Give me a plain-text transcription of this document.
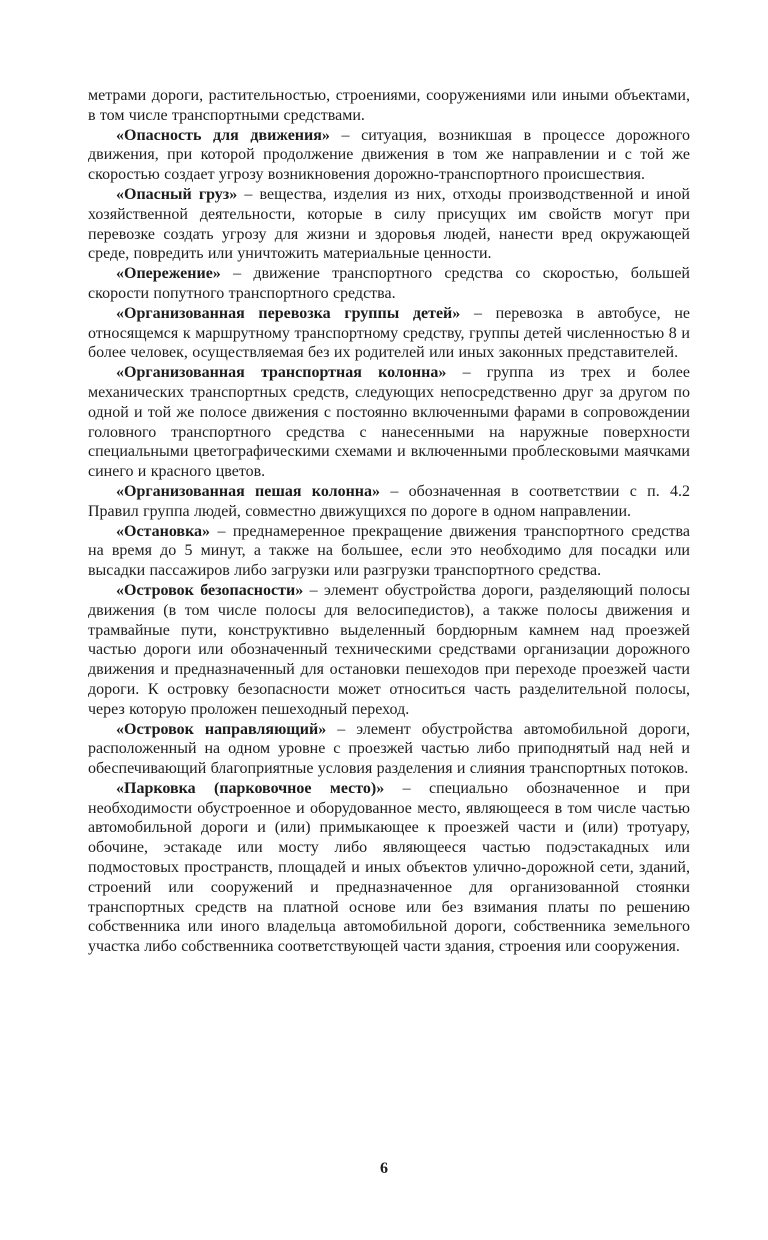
метрами дороги, растительностью, строениями, сооружениями или иными объектами, в том числе транспортными средствами.

«Опасность для движения» – ситуация, возникшая в процессе дорожного движения, при которой продолжение движения в том же направлении и с той же скоростью создает угрозу возникновения дорожно-транспортного происшествия.

«Опасный груз» – вещества, изделия из них, отходы производственной и иной хозяйственной деятельности, которые в силу присущих им свойств могут при перевозке создать угрозу для жизни и здоровья людей, нанести вред окружающей среде, повредить или уничтожить материальные ценности.

«Опережение» – движение транспортного средства со скоростью, большей скорости попутного транспортного средства.

«Организованная перевозка группы детей» – перевозка в автобусе, не относящемся к маршрутному транспортному средству, группы детей численностью 8 и более человек, осуществляемая без их родителей или иных законных представителей.

«Организованная транспортная колонна» – группа из трех и более механических транспортных средств, следующих непосредственно друг за другом по одной и той же полосе движения с постоянно включенными фарами в сопровождении головного транспортного средства с нанесенными на наружные поверхности специальными цветографическими схемами и включенными проблесковыми маячками синего и красного цветов.

«Организованная пешая колонна» – обозначенная в соответствии с п. 4.2 Правил группа людей, совместно движущихся по дороге в одном направлении.

«Остановка» – преднамеренное прекращение движения транспортного средства на время до 5 минут, а также на большее, если это необходимо для посадки или высадки пассажиров либо загрузки или разгрузки транспортного средства.

«Островок безопасности» – элемент обустройства дороги, разделяющий полосы движения (в том числе полосы для велосипедистов), а также полосы движения и трамвайные пути, конструктивно выделенный бордюрным камнем над проезжей частью дороги или обозначенный техническими средствами организации дорожного движения и предназначенный для остановки пешеходов при переходе проезжей части дороги. К островку безопасности может относиться часть разделительной полосы, через которую проложен пешеходный переход.

«Островок направляющий» – элемент обустройства автомобильной дороги, расположенный на одном уровне с проезжей частью либо приподнятый над ней и обеспечивающий благоприятные условия разделения и слияния транспортных потоков.

«Парковка (парковочное место)» – специально обозначенное и при необходимости обустроенное и оборудованное место, являющееся в том числе частью автомобильной дороги и (или) примыкающее к проезжей части и (или) тротуару, обочине, эстакаде или мосту либо являющееся частью подэстакадных или подмостовых пространств, площадей и иных объектов улично-дорожной сети, зданий, строений или сооружений и предназначенное для организованной стоянки транспортных средств на платной основе или без взимания платы по решению собственника или иного владельца автомобильной дороги, собственника земельного участка либо собственника соответствующей части здания, строения или сооружения.

6
